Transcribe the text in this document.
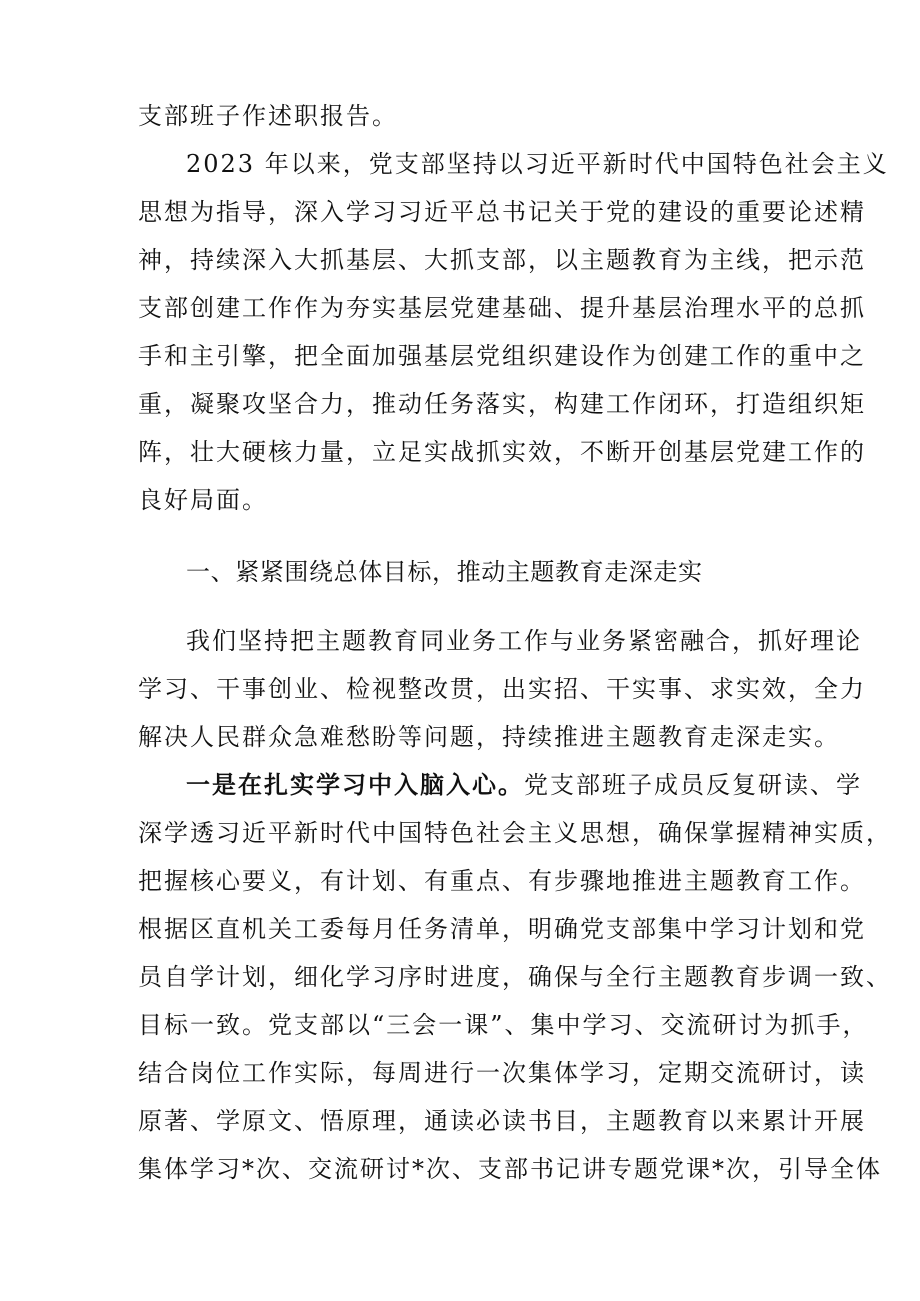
支部班子作述职报告。
2023 年以来，党支部坚持以习近平新时代中国特色社会主义
思想为指导，深入学习习近平总书记关于党的建设的重要论述精
神，持续深入大抓基层、大抓支部，以主题教育为主线，把示范
支部创建工作作为夯实基层党建基础、提升基层治理水平的总抓
手和主引擎，把全面加强基层党组织建设作为创建工作的重中之
重，凝聚攻坚合力，推动任务落实，构建工作闭环，打造组织矩
阵，壮大硬核力量，立足实战抓实效，不断开创基层党建工作的
良好局面。
一、紧紧围绕总体目标，推动主题教育走深走实
我们坚持把主题教育同业务工作与业务紧密融合，抓好理论
学习、干事创业、检视整改贯，出实招、干实事、求实效，全力
解决人民群众急难愁盼等问题，持续推进主题教育走深走实。
一是在扎实学习中入脑入心。党支部班子成员反复研读、学
深学透习近平新时代中国特色社会主义思想，确保掌握精神实质，
把握核心要义，有计划、有重点、有步骤地推进主题教育工作。
根据区直机关工委每月任务清单，明确党支部集中学习计划和党
员自学计划，细化学习序时进度，确保与全行主题教育步调一致、
目标一致。党支部以“三会一课”、集中学习、交流研讨为抓手，
结合岗位工作实际，每周进行一次集体学习，定期交流研讨，读
原著、学原文、悟原理，通读必读书目，主题教育以来累计开展
集体学习*次、交流研讨*次、支部书记讲专题党课*次，引导全体
